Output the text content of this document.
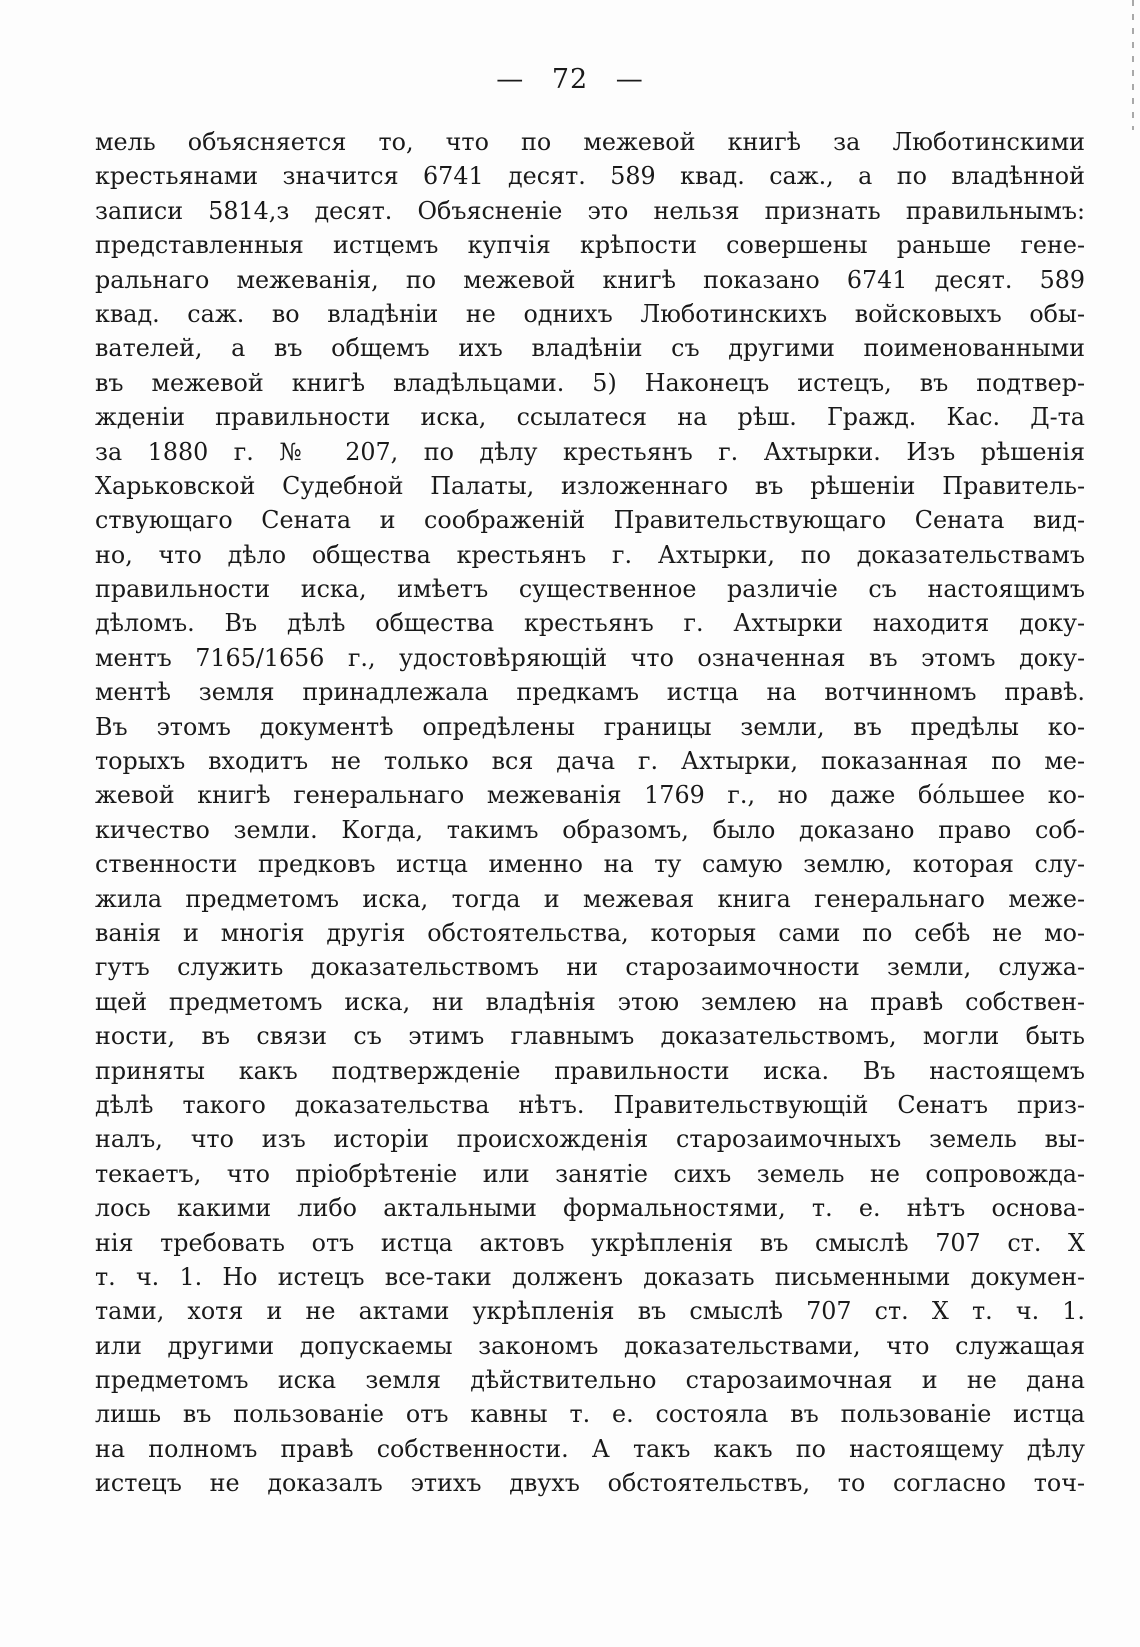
— 72 —
мель объясняется то, что по межевой книгѣ за Люботинскими
крестьянами значится 6741 десят. 589 квад. саж., а по владѣнной
записи 5814,з десят. Объясненіе это нельзя признать правильнымъ:
представленныя истцемъ купчія крѣпости совершены раньше гене-
ральнаго межеванія, по межевой книгѣ показано 6741 десят. 589
квад. саж. во владѣніи не однихъ Люботинскихъ войсковыхъ обы-
вателей, а въ общемъ ихъ владѣніи съ другими поименованными
въ межевой книгѣ владѣльцами. 5) Наконецъ истецъ, въ подтвер-
жденіи правильности иска, ссылатеся на рѣш. Гражд. Кас. Д-та
за 1880 г. № 207, по дѣлу крестьянъ г. Ахтырки. Изъ рѣшенія
Харьковской Судебной Палаты, изложеннаго въ рѣшеніи Правитель-
ствующаго Сената и соображеній Правительствующаго Сената вид-
но, что дѣло общества крестьянъ г. Ахтырки, по доказательствамъ
правильности иска, имѣетъ существенное различіе съ настоящимъ
дѣломъ. Въ дѣлѣ общества крестьянъ г. Ахтырки находитя доку-
ментъ 7165/1656 г., удостовѣряющій что означенная въ этомъ доку-
ментѣ земля принадлежала предкамъ истца на вотчинномъ правѣ.
Въ этомъ документѣ опредѣлены границы земли, въ предѣлы ко-
торыхъ входитъ не только вся дача г. Ахтырки, показанная по ме-
жевой книгѣ генеральнаго межеванія 1769 г., но даже бóльшее ко-
кичество земли. Когда, такимъ образомъ, было доказано право соб-
ственности предковъ истца именно на ту самую землю, которая слу-
жила предметомъ иска, тогда и межевая книга генеральнаго меже-
ванія и многія другія обстоятельства, которыя сами по себѣ не мо-
гутъ служить доказательствомъ ни старозаимочности земли, служа-
щей предметомъ иска, ни владѣнія этою землею на правѣ собствен-
ности, въ связи съ этимъ главнымъ доказательствомъ, могли быть
приняты какъ подтвержденіе правильности иска. Въ настоящемъ
дѣлѣ такого доказательства нѣтъ. Правительствующій Сенатъ приз-
налъ, что изъ исторіи происхожденія старозаимочныхъ земель вы-
текаетъ, что пріобрѣтеніе или занятіе сихъ земель не сопровожда-
лось какими либо актальными формальностями, т. е. нѣтъ основа-
нія требовать отъ истца актовъ укрѣпленія въ смыслѣ 707 ст. X
т. ч. 1. Но истецъ все-таки долженъ доказать письменными докумен-
тами, хотя и не актами укрѣпленія въ смыслѣ 707 ст. X т. ч. 1.
или другими допускаемы закономъ доказательствами, что служащая
предметомъ иска земля дѣйствительно старозаимочная и не дана
лишь въ пользованіе отъ кавны т. е. состояла въ пользованіе истца
на полномъ правѣ собственности. А такъ какъ по настоящему дѣлу
истецъ не доказалъ этихъ двухъ обстоятельствъ, то согласно точ-
